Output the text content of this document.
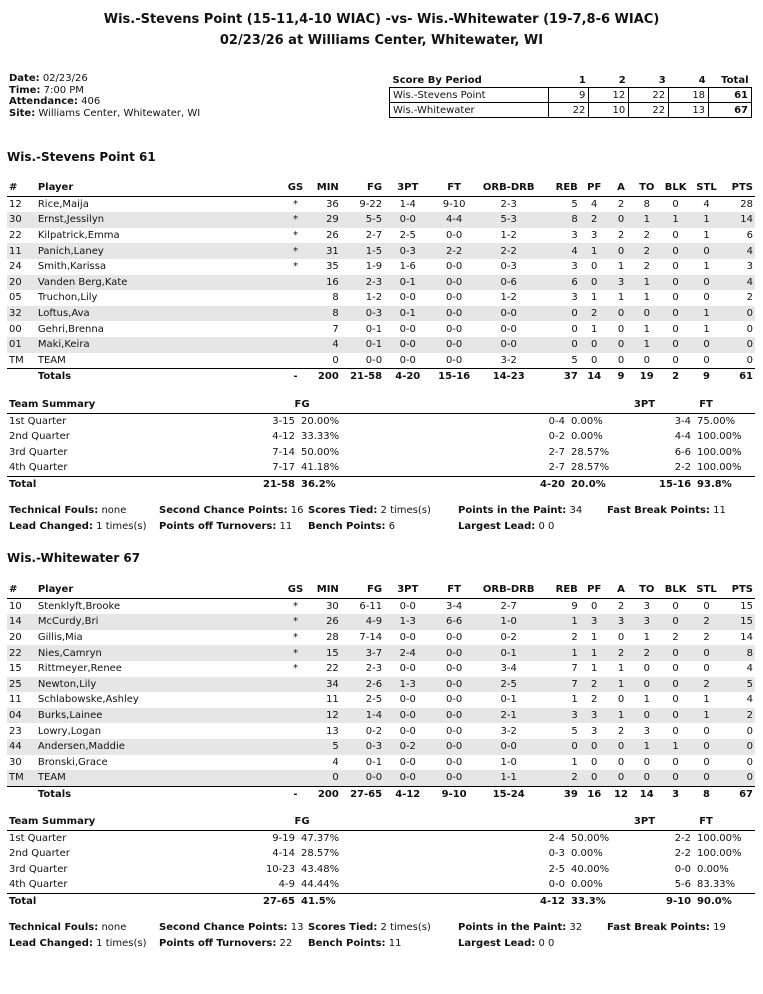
Wis.-Stevens Point (15-11,4-10 WIAC) -vs- Wis.-Whitewater (19-7,8-6 WIAC)
02/23/26 at Williams Center, Whitewater, WI
Date: 02/23/26
Time: 7:00 PM
Attendance: 406
Site: Williams Center, Whitewater, WI
Score By Period	1	2	3	4	Total
Wis.-Stevens Point	9	12	22	18	61
Wis.-Whitewater	22	10	22	13	67
Wis.-Stevens Point 61
#	Player	GS	MIN	FG	3PT	FT	ORB-DRB	REB	PF	A	TO	BLK	STL	PTS
12	Rice,Maija	*	36	9-22	1-4	9-10	2-3	5	4	2	8	0	4	28
30	Ernst,Jessilyn	*	29	5-5	0-0	4-4	5-3	8	2	0	1	1	1	14
22	Kilpatrick,Emma	*	26	2-7	2-5	0-0	1-2	3	3	2	2	0	1	6
11	Panich,Laney	*	31	1-5	0-3	2-2	2-2	4	1	0	2	0	0	4
24	Smith,Karissa	*	35	1-9	1-6	0-0	0-3	3	0	1	2	0	1	3
20	Vanden Berg,Kate		16	2-3	0-1	0-0	0-6	6	0	3	1	0	0	4
05	Truchon,Lily		8	1-2	0-0	0-0	1-2	3	1	1	1	0	0	2
32	Loftus,Ava		8	0-3	0-1	0-0	0-0	0	2	0	0	0	1	0
00	Gehri,Brenna		7	0-1	0-0	0-0	0-0	0	1	0	1	0	1	0
01	Maki,Keira		4	0-1	0-0	0-0	0-0	0	0	0	1	0	0	0
TM	TEAM		0	0-0	0-0	0-0	3-2	5	0	0	0	0	0	0
	Totals	-	200	21-58	4-20	15-16	14-23	37	14	9	19	2	9	61
Team Summary	FG		3PT		FT	
1st Quarter	3-15	20.00%	0-4	0.00%	3-4	75.00%
2nd Quarter	4-12	33.33%	0-2	0.00%	4-4	100.00%
3rd Quarter	7-14	50.00%	2-7	28.57%	6-6	100.00%
4th Quarter	7-17	41.18%	2-7	28.57%	2-2	100.00%
Total	21-58	36.2%	4-20	20.0%	15-16	93.8%
Technical Fouls: none	Second Chance Points: 16 Scores Tied: 2 times(s)	Points in the Paint: 34 Fast Break Points: 11
Lead Changed: 1 times(s) Points off Turnovers: 11 Bench Points: 6	Largest Lead: 0 0
Wis.-Whitewater 67
#	Player	GS	MIN	FG	3PT	FT	ORB-DRB	REB	PF	A	TO	BLK	STL	PTS
10	Stenklyft,Brooke	*	30	6-11	0-0	3-4	2-7	9	0	2	3	0	0	15
14	McCurdy,Bri	*	26	4-9	1-3	6-6	1-0	1	3	3	3	0	2	15
20	Gillis,Mia	*	28	7-14	0-0	0-0	0-2	2	1	0	1	2	2	14
22	Nies,Camryn	*	15	3-7	2-4	0-0	0-1	1	1	2	2	0	0	8
15	Rittmeyer,Renee	*	22	2-3	0-0	0-0	3-4	7	1	1	0	0	0	4
25	Newton,Lily		34	2-6	1-3	0-0	2-5	7	2	1	0	0	2	5
11	Schlabowske,Ashley		11	2-5	0-0	0-0	0-1	1	2	0	1	0	1	4
04	Burks,Lainee		12	1-4	0-0	0-0	2-1	3	3	1	0	0	1	2
23	Lowry,Logan		13	0-2	0-0	0-0	3-2	5	3	2	3	0	0	0
44	Andersen,Maddie		5	0-3	0-2	0-0	0-0	0	0	0	1	1	0	0
30	Bronski,Grace		4	0-1	0-0	0-0	1-0	1	0	0	0	0	0	0
TM	TEAM		0	0-0	0-0	0-0	1-1	2	0	0	0	0	0	0
	Totals	-	200	27-65	4-12	9-10	15-24	39	16	12	14	3	8	67
Team Summary	FG		3PT		FT	
1st Quarter	9-19	47.37%	2-4	50.00%	2-2	100.00%
2nd Quarter	4-14	28.57%	0-3	0.00%	2-2	100.00%
3rd Quarter	10-23	43.48%	2-5	40.00%	0-0	0.00%
4th Quarter	4-9	44.44%	0-0	0.00%	5-6	83.33%
Total	27-65	41.5%	4-12	33.3%	9-10	90.0%
Technical Fouls: none	Second Chance Points: 13 Scores Tied: 2 times(s)	Points in the Paint: 32 Fast Break Points: 19
Lead Changed: 1 times(s) Points off Turnovers: 22 Bench Points: 11	Largest Lead: 0 0
